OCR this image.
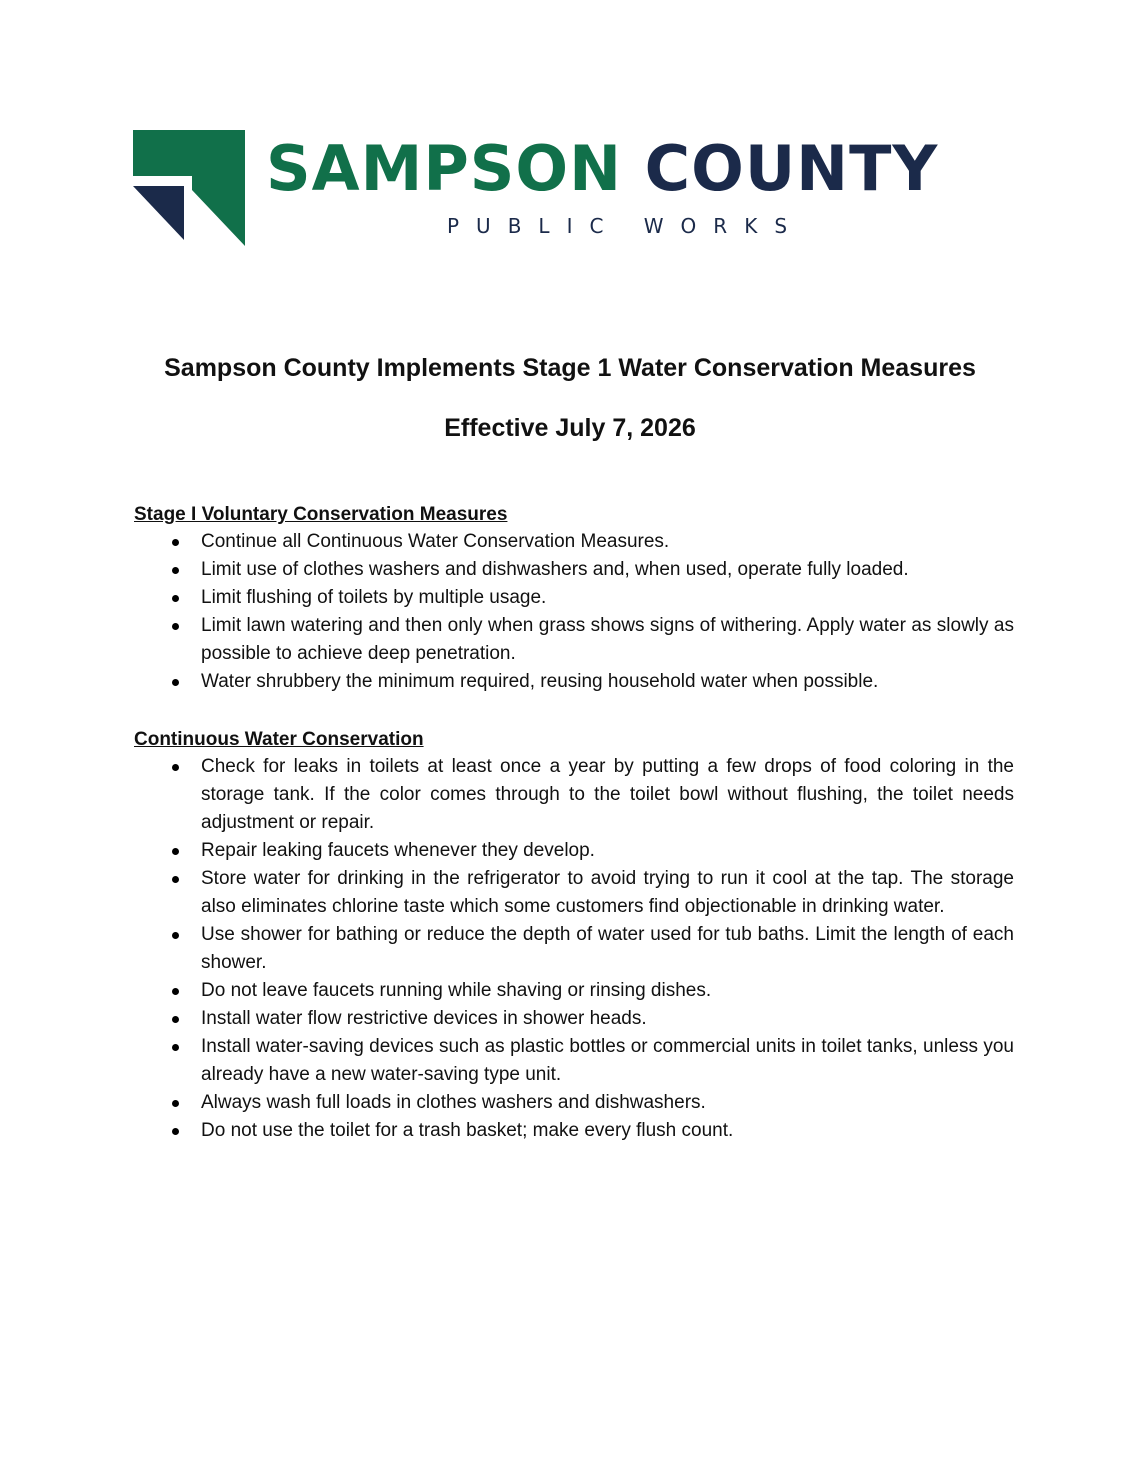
SAMPSON COUNTY
PUBLIC WORKS
Sampson County Implements Stage 1 Water Conservation Measures
Effective July 7, 2026

Stage I Voluntary Conservation Measures

Continue all Continuous Water Conservation Measures.
Limit use of clothes washers and dishwashers and, when used, operate fully loaded.
Limit flushing of toilets by multiple usage.
Limit lawn watering and then only when grass shows signs of withering. Apply water as slowly as possible to achieve deep penetration.
Water shrubbery the minimum required, reusing household water when possible.

Continuous Water Conservation

Check for leaks in toilets at least once a year by putting a few drops of food coloring in the storage tank. If the color comes through to the toilet bowl without flushing, the toilet needs adjustment or repair.
Repair leaking faucets whenever they develop.
Store water for drinking in the refrigerator to avoid trying to run it cool at the tap. The storage also eliminates chlorine taste which some customers find objectionable in drinking water.
Use shower for bathing or reduce the depth of water used for tub baths. Limit the length of each shower.
Do not leave faucets running while shaving or rinsing dishes.
Install water flow restrictive devices in shower heads.
Install water-saving devices such as plastic bottles or commercial units in toilet tanks, unless you already have a new water-saving type unit.
Always wash full loads in clothes washers and dishwashers.
Do not use the toilet for a trash basket; make every flush count.
